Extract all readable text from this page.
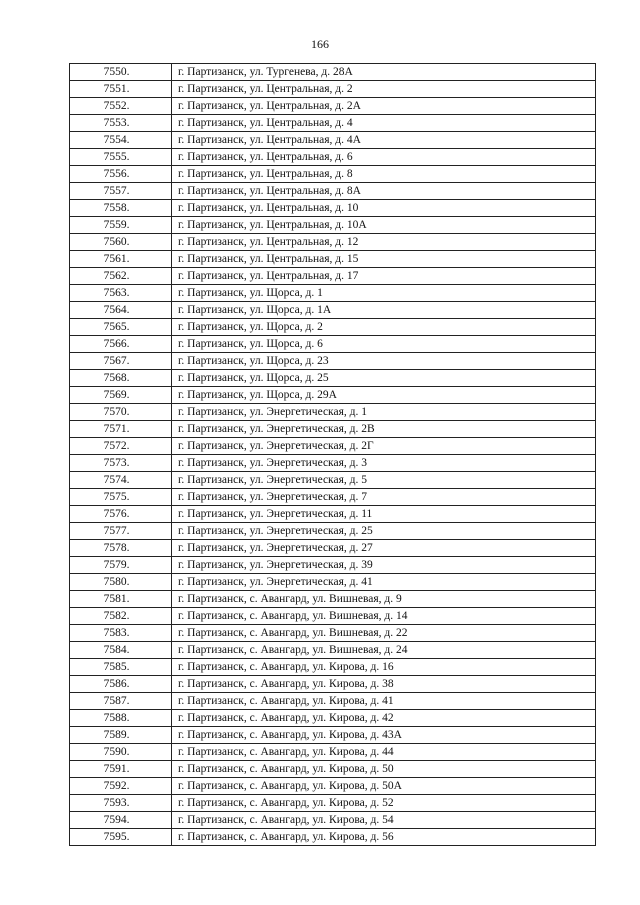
166
7550.	г. Партизанск, ул. Тургенева, д. 28А
7551.	г. Партизанск, ул. Центральная, д. 2
7552.	г. Партизанск, ул. Центральная, д. 2А
7553.	г. Партизанск, ул. Центральная, д. 4
7554.	г. Партизанск, ул. Центральная, д. 4А
7555.	г. Партизанск, ул. Центральная, д. 6
7556.	г. Партизанск, ул. Центральная, д. 8
7557.	г. Партизанск, ул. Центральная, д. 8А
7558.	г. Партизанск, ул. Центральная, д. 10
7559.	г. Партизанск, ул. Центральная, д. 10А
7560.	г. Партизанск, ул. Центральная, д. 12
7561.	г. Партизанск, ул. Центральная, д. 15
7562.	г. Партизанск, ул. Центральная, д. 17
7563.	г. Партизанск, ул. Щорса, д. 1
7564.	г. Партизанск, ул. Щорса, д. 1А
7565.	г. Партизанск, ул. Щорса, д. 2
7566.	г. Партизанск, ул. Щорса, д. 6
7567.	г. Партизанск, ул. Щорса, д. 23
7568.	г. Партизанск, ул. Щорса, д. 25
7569.	г. Партизанск, ул. Щорса, д. 29А
7570.	г. Партизанск, ул. Энергетическая, д. 1
7571.	г. Партизанск, ул. Энергетическая, д. 2В
7572.	г. Партизанск, ул. Энергетическая, д. 2Г
7573.	г. Партизанск, ул. Энергетическая, д. 3
7574.	г. Партизанск, ул. Энергетическая, д. 5
7575.	г. Партизанск, ул. Энергетическая, д. 7
7576.	г. Партизанск, ул. Энергетическая, д. 11
7577.	г. Партизанск, ул. Энергетическая, д. 25
7578.	г. Партизанск, ул. Энергетическая, д. 27
7579.	г. Партизанск, ул. Энергетическая, д. 39
7580.	г. Партизанск, ул. Энергетическая, д. 41
7581.	г. Партизанск, с. Авангард, ул. Вишневая, д. 9
7582.	г. Партизанск, с. Авангард, ул. Вишневая, д. 14
7583.	г. Партизанск, с. Авангард, ул. Вишневая, д. 22
7584.	г. Партизанск, с. Авангард, ул. Вишневая, д. 24
7585.	г. Партизанск, с. Авангард, ул. Кирова, д. 16
7586.	г. Партизанск, с. Авангард, ул. Кирова, д. 38
7587.	г. Партизанск, с. Авангард, ул. Кирова, д. 41
7588.	г. Партизанск, с. Авангард, ул. Кирова, д. 42
7589.	г. Партизанск, с. Авангард, ул. Кирова, д. 43А
7590.	г. Партизанск, с. Авангард, ул. Кирова, д. 44
7591.	г. Партизанск, с. Авангард, ул. Кирова, д. 50
7592.	г. Партизанск, с. Авангард, ул. Кирова, д. 50А
7593.	г. Партизанск, с. Авангард, ул. Кирова, д. 52
7594.	г. Партизанск, с. Авангард, ул. Кирова, д. 54
7595.	г. Партизанск, с. Авангард, ул. Кирова, д. 56
